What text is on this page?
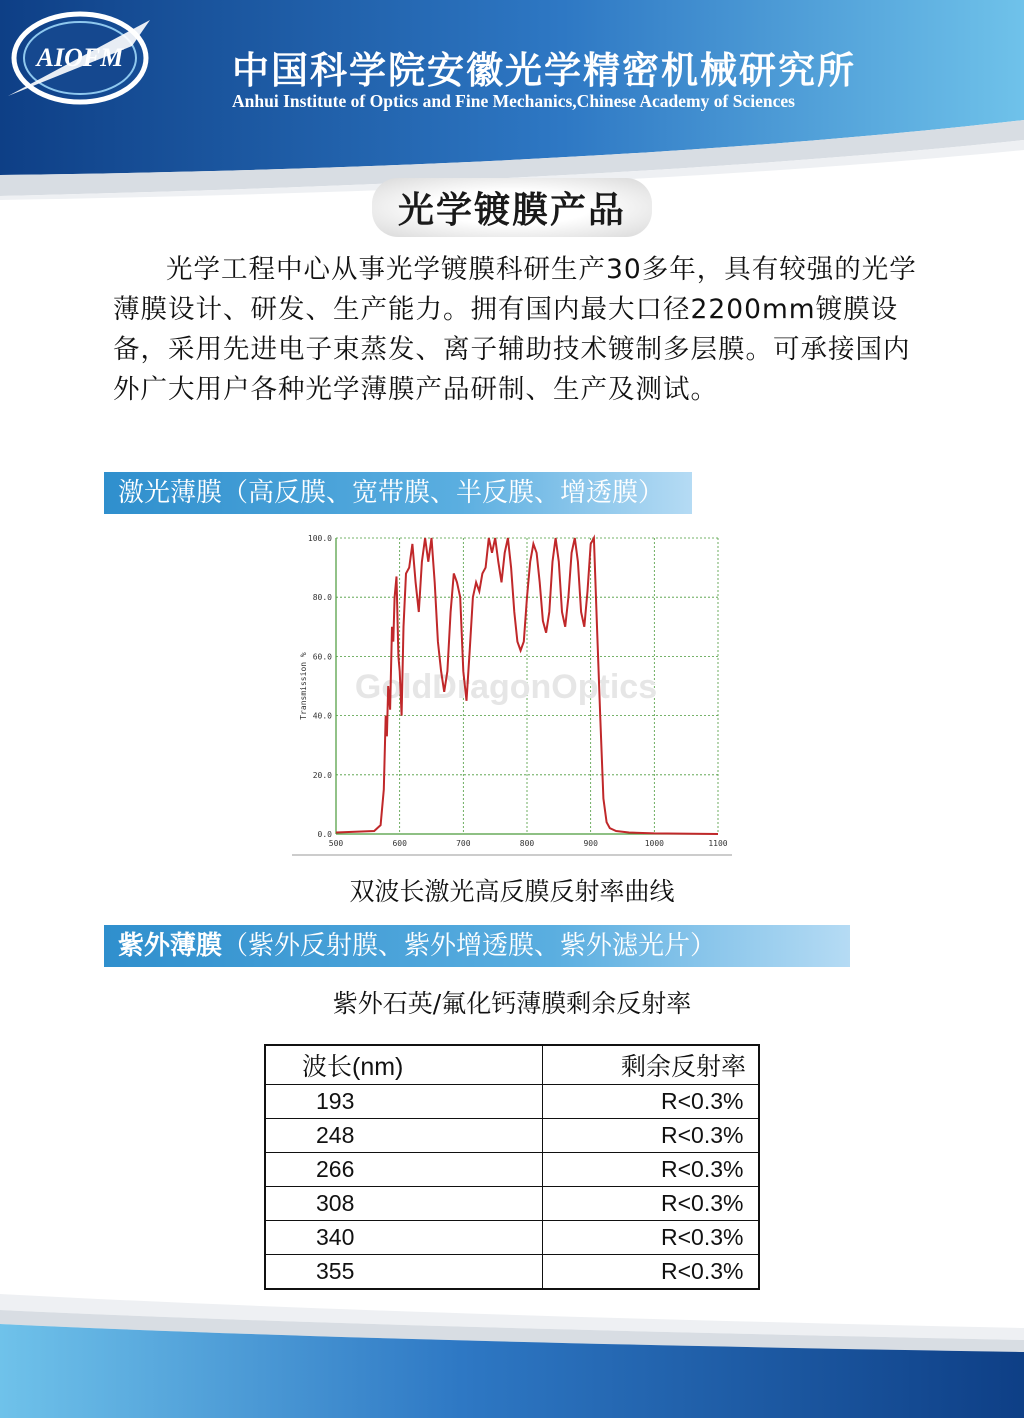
AIOFM	中国科学院安徽光学精密机械研究所
Anhui Institute of Optics and Fine Mechanics,Chinese Academy of Sciences
光学镀膜产品
光学工程中心从事光学镀膜科研生产30多年，具有较强的光学薄膜设计、研发、生产能力。拥有国内最大口径2200mm镀膜设备，采用先进电子束蒸发、离子辅助技术镀制多层膜。可承接国内外广大用户各种光学薄膜产品研制、生产及测试。
激光薄膜（高反膜、宽带膜、半反膜、增透膜）
500	600	700	800	900	1000	1100
0.0
20.0
40.0
60.0
80.0
100.0
GoldDragonOptics
Transmission %
双波长激光高反膜反射率曲线
紫外薄膜（紫外反射膜、紫外增透膜、紫外滤光片）
紫外石英/氟化钙薄膜剩余反射率
波长(nm)	剩余反射率
193	R<0.3%
248	R<0.3%
266	R<0.3%
308	R<0.3%
340	R<0.3%
355	R<0.3%
